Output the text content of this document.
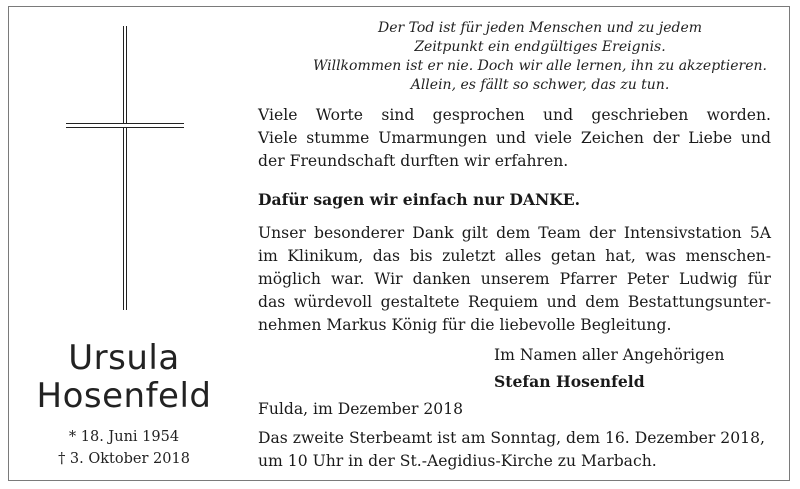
Ursula
Hosenfeld
* 18. Juni 1954
† 3. Oktober 2018
Der Tod ist für jeden Menschen und zu jedem
Zeitpunkt ein endgültiges Ereignis.
Willkommen ist er nie. Doch wir alle lernen, ihn zu akzeptieren.
Allein, es fällt so schwer, das zu tun.
Viele Worte sind gesprochen und geschrieben worden.
Viele stumme Umarmungen und viele Zeichen der Liebe und
der Freundschaft durften wir erfahren.
Dafür sagen wir einfach nur DANKE.
Unser besonderer Dank gilt dem Team der Intensivstation 5A
im Klinikum, das bis zuletzt alles getan hat, was menschen-
möglich war. Wir danken unserem Pfarrer Peter Ludwig für
das würdevoll gestaltete Requiem und dem Bestattungsunter-
nehmen Markus König für die liebevolle Begleitung.
Im Namen aller Angehörigen
Stefan Hosenfeld
Fulda, im Dezember 2018
Das zweite Sterbeamt ist am Sonntag, dem 16. Dezember 2018,
um 10 Uhr in der St.-Aegidius-Kirche zu Marbach.
